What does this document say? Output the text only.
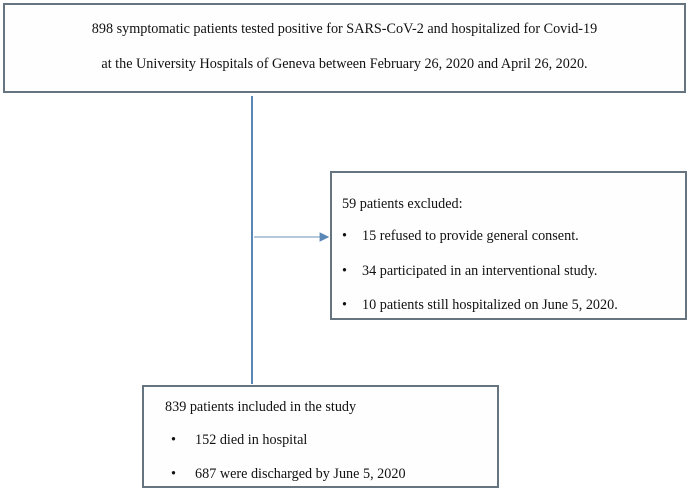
898 symptomatic patients tested positive for SARS-CoV-2 and hospitalized for Covid-19
at the University Hospitals of Geneva between February 26, 2020 and April 26, 2020.
59 patients excluded:
• 15 refused to provide general consent.
• 34 participated in an interventional study.
• 10 patients still hospitalized on June 5, 2020.
839 patients included in the study
• 152 died in hospital
• 687 were discharged by June 5, 2020
